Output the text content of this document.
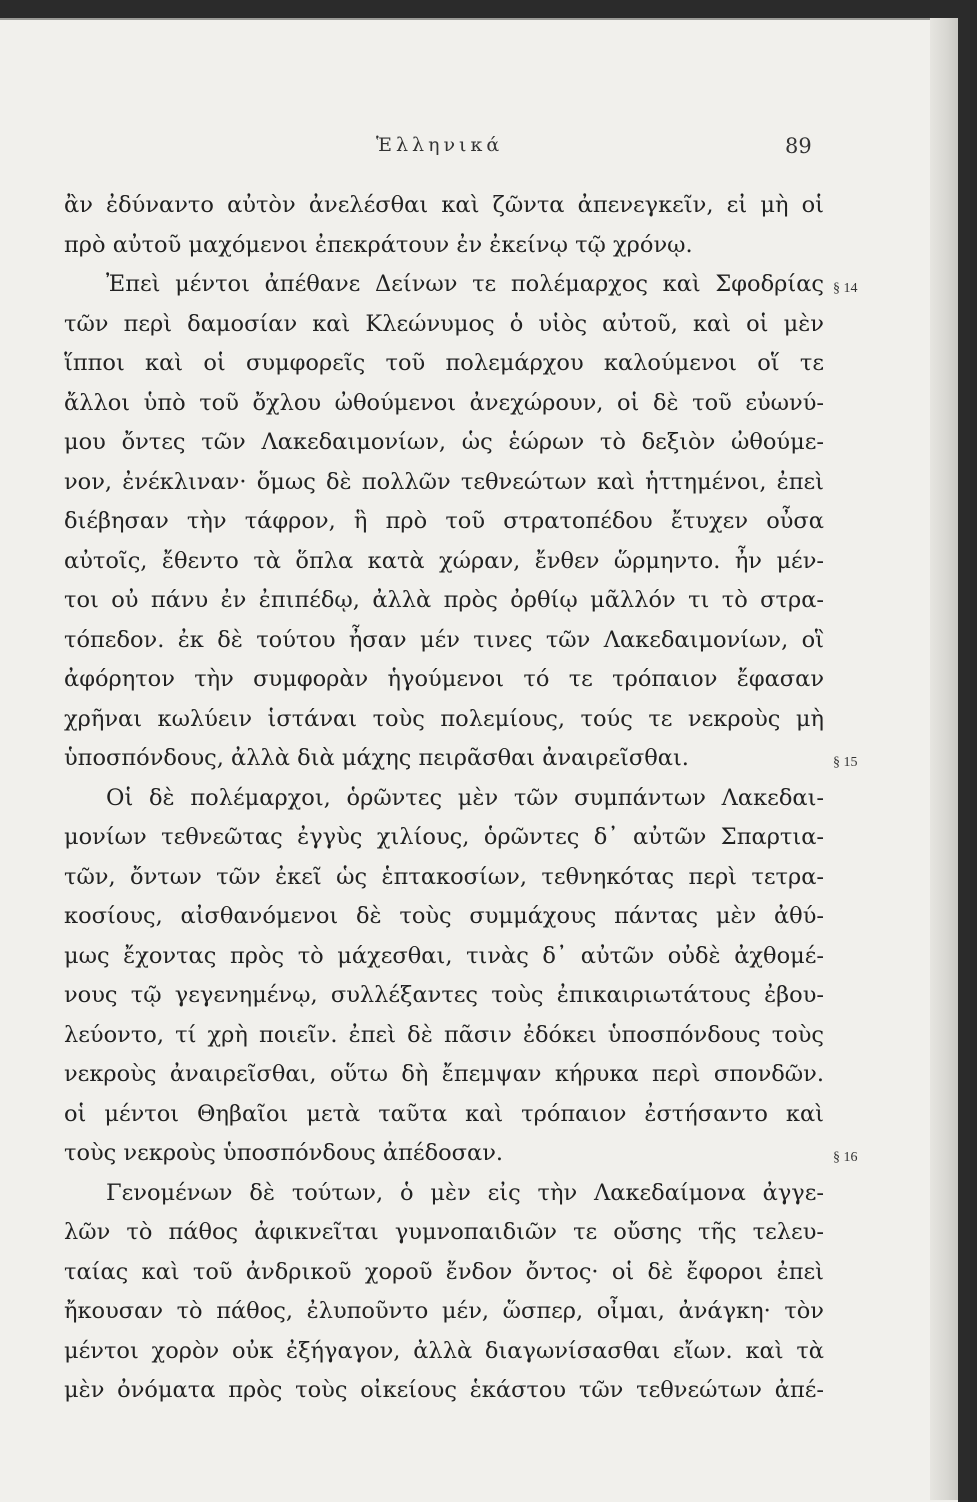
Ἑλληνικά	89
ἂν ἐδύναντο αὐτὸν ἀνελέσθαι καὶ ζῶντα ἀπενεγκεῖν, εἰ μὴ οἱ
πρὸ αὐτοῦ μαχόμενοι ἐπεκράτουν ἐν ἐκείνῳ τῷ χρόνῳ.
Ἐπεὶ μέντοι ἀπέθανε Δείνων τε πολέμαρχος καὶ Σφοδρίας
τῶν περὶ δαμοσίαν καὶ Κλεώνυμος ὁ υἱὸς αὐτοῦ, καὶ οἱ μὲν
ἵπποι καὶ οἱ συμφορεῖς τοῦ πολεμάρχου καλούμενοι οἵ τε
ἄλλοι ὑπὸ τοῦ ὄχλου ὠθούμενοι ἀνεχώρουν, οἱ δὲ τοῦ εὐωνύ-
μου ὄντες τῶν Λακεδαιμονίων, ὡς ἑώρων τὸ δεξιὸν ὠθούμε-
νον, ἐνέκλιναν· ὅμως δὲ πολλῶν τεθνεώτων καὶ ἡττημένοι, ἐπεὶ
διέβησαν τὴν τάφρον, ἣ πρὸ τοῦ στρατοπέδου ἔτυχεν οὖσα
αὐτοῖς, ἔθεντο τὰ ὅπλα κατὰ χώραν, ἔνθεν ὥρμηντο. ἦν μέν-
τοι οὐ πάνυ ἐν ἐπιπέδῳ, ἀλλὰ πρὸς ὀρθίῳ μᾶλλόν τι τὸ στρα-
τόπεδον. ἐκ δὲ τούτου ἦσαν μέν τινες τῶν Λακεδαιμονίων, οἳ
ἀφόρητον τὴν συμφορὰν ἡγούμενοι τό τε τρόπαιον ἔφασαν
χρῆναι κωλύειν ἱστάναι τοὺς πολεμίους, τούς τε νεκροὺς μὴ
ὑποσπόνδους, ἀλλὰ διὰ μάχης πειρᾶσθαι ἀναιρεῖσθαι.
Οἱ δὲ πολέμαρχοι, ὁρῶντες μὲν τῶν συμπάντων Λακεδαι-
μονίων τεθνεῶτας ἐγγὺς χιλίους, ὁρῶντες δ᾽ αὐτῶν Σπαρτια-
τῶν, ὄντων τῶν ἐκεῖ ὡς ἑπτακοσίων, τεθνηκότας περὶ τετρα-
κοσίους, αἰσθανόμενοι δὲ τοὺς συμμάχους πάντας μὲν ἀθύ-
μως ἔχοντας πρὸς τὸ μάχεσθαι, τινὰς δ᾽ αὐτῶν οὐδὲ ἀχθομέ-
νους τῷ γεγενημένῳ, συλλέξαντες τοὺς ἐπικαιριωτάτους ἐβου-
λεύοντο, τί χρὴ ποιεῖν. ἐπεὶ δὲ πᾶσιν ἐδόκει ὑποσπόνδους τοὺς
νεκροὺς ἀναιρεῖσθαι, οὕτω δὴ ἔπεμψαν κήρυκα περὶ σπονδῶν.
οἱ μέντοι Θηβαῖοι μετὰ ταῦτα καὶ τρόπαιον ἐστήσαντο καὶ
τοὺς νεκροὺς ὑποσπόνδους ἀπέδοσαν.
Γενομένων δὲ τούτων, ὁ μὲν εἰς τὴν Λακεδαίμονα ἀγγε-
λῶν τὸ πάθος ἀφικνεῖται γυμνοπαιδιῶν τε οὔσης τῆς τελευ-
ταίας καὶ τοῦ ἀνδρικοῦ χοροῦ ἔνδον ὄντος· οἱ δὲ ἔφοροι ἐπεὶ
ἤκουσαν τὸ πάθος, ἐλυποῦντο μέν, ὥσπερ, οἶμαι, ἀνάγκη· τὸν
μέντοι χορὸν οὐκ ἐξήγαγον, ἀλλὰ διαγωνίσασθαι εἴων. καὶ τὰ
μὲν ὀνόματα πρὸς τοὺς οἰκείους ἑκάστου τῶν τεθνεώτων ἀπέ-
§ 14
§ 15
§ 16
